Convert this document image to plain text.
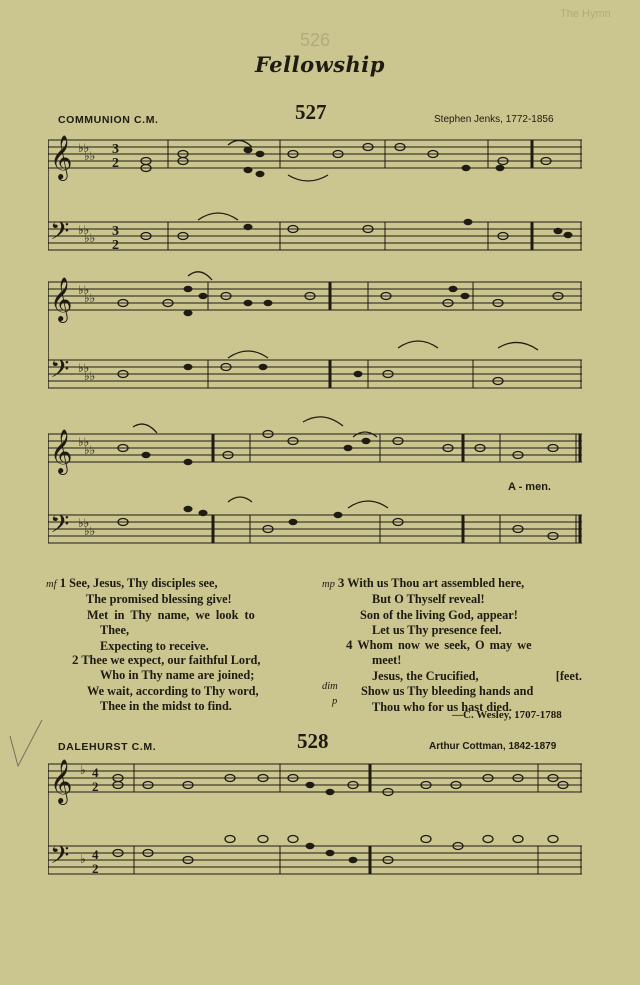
The Hymn
526
Fellowship
COMMUNION C.M.	527	Stephen Jenks, 1772-1856
𝄞
𝄢
♭♭
♭♭
♭♭
♭♭
3
2
3
2
𝄞
𝄢
♭♭
♭♭
♭♭
♭♭
𝄞
𝄢
♭♭
♭♭
♭♭
♭♭
A - men.
mf 1 See, Jesus, Thy disciples see,
The promised blessing give!
Met in Thy name, we look to
Thee,
Expecting to receive.
2 Thee we expect, our faithful Lord,
Who in Thy name are joined;
We wait, according to Thy word,
Thee in the midst to find.
mp 3 With us Thou art assembled here,
But O Thyself reveal!
Son of the living God, appear!
Let us Thy presence feel.
4 Whom now we seek, O may we
meet!
Jesus, the Crucified,	[feet.
Show us Thy bleeding hands and
Thou who for us hast died.
dim
p
—C. Wesley, 1707-1788
DALEHURST C.M.	528	Arthur Cottman, 1842-1879
𝄞
𝄢
♭
♭
4
2
4
2
